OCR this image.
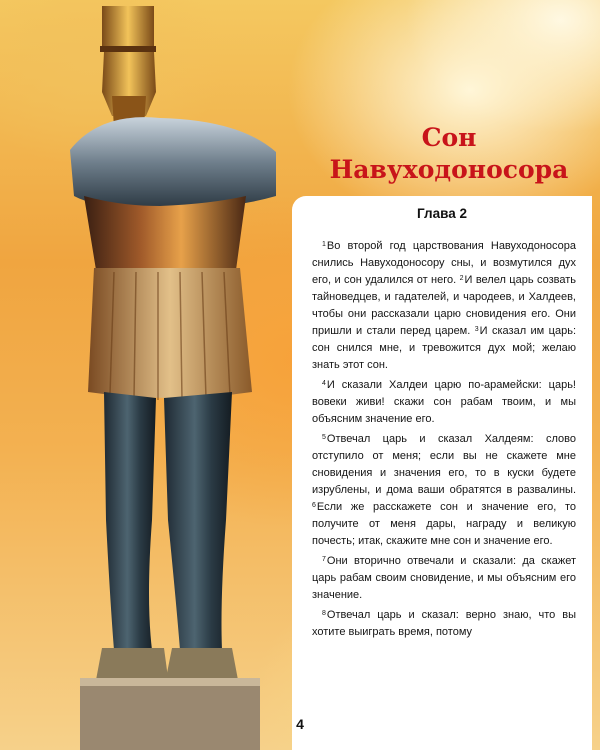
Сон Навуходоносора
Глава 2

$^1$Во второй год царствования Навуходоносора снились Навуходоносору сны, и возмутился дух его, и сон удалился от него. $^2$И велел царь созвать тайноведцев, и гадателей, и чародеев, и Халдеев, чтобы они рассказали царю сновидения его. Они пришли и стали перед царем. $^3$И сказал им царь: сон снился мне, и тревожится дух мой; желаю знать этот сон.

$^4$И сказали Халдеи царю по-арамейски: царь! вовеки живи! скажи сон рабам твоим, и мы объясним значение его.

$^5$Отвечал царь и сказал Халдеям: слово отступило от меня; если вы не скажете мне сновидения и значения его, то в куски будете изрублены, и дома ваши обратятся в развалины. $^6$Если же расскажете сон и значение его, то получите от меня дары, награду и великую почесть; итак, скажите мне сон и значение его.

$^7$Они вторично отвечали и сказали: да скажет царь рабам своим сновидение, и мы объясним его значение.

$^8$Отвечал царь и сказал: верно знаю, что вы хотите выиграть время, потому

4
